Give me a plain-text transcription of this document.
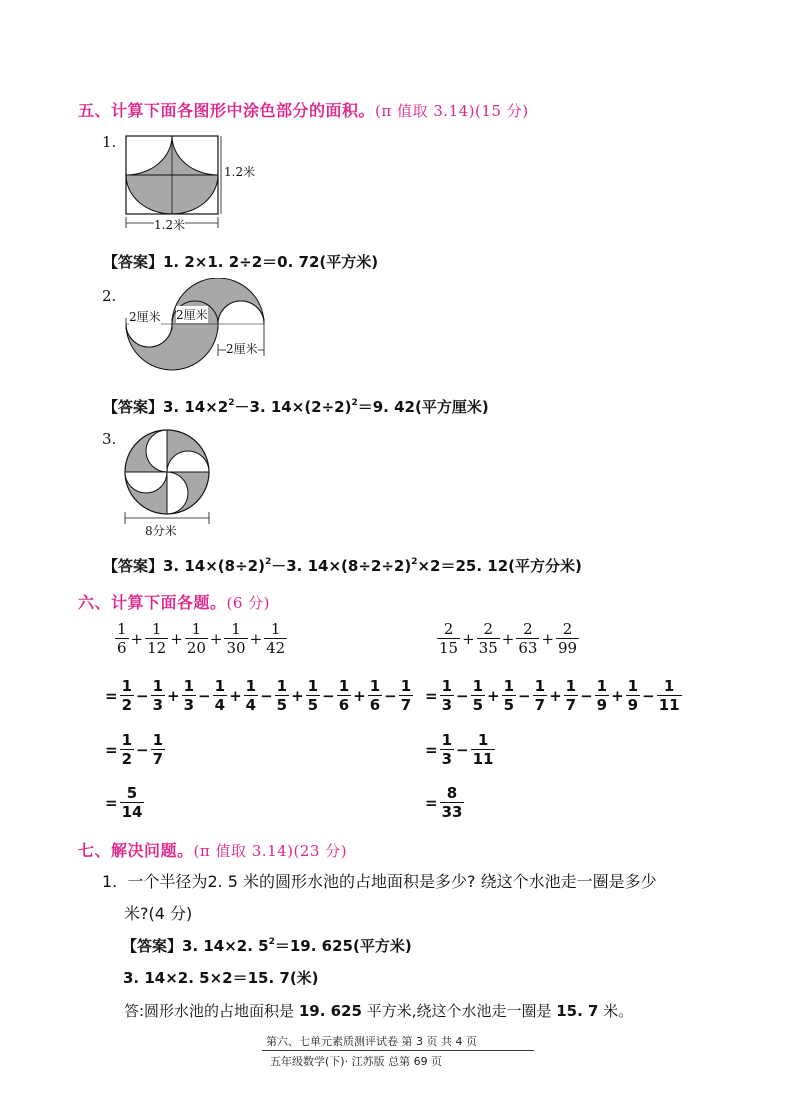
五、计算下面各图形中涂色部分的面积。(π 值取 3.14)(15 分)
1.
1.2米
1.2米
【答案】1. 2×1. 2÷2＝0. 72(平方米)
2.
2厘米 2厘米
2厘米
【答案】3. $14\times 2^2-3$. $14\times(2\div 2)^2=9$. 42(平方厘米)
3.
8分米
【答案】3. $14\times(8\div 2)^2-3$. $14\times(8\div 2\div 2)^2\times 2=25$. 12(平方分米)
六、计算下面各题。(6 分)
$\frac{1}{6} + \frac{1}{12} + \frac{1}{20} + \frac{1}{30} + \frac{1}{42}$
= $\frac{1}{2} - \frac{1}{3} + \frac{1}{3} - \frac{1}{4} + \frac{1}{4} - \frac{1}{5} + \frac{1}{5} - \frac{1}{6} + \frac{1}{6} - \frac{1}{7}$
= $\frac{1}{2} - \frac{1}{7}$
= $\frac{5}{14}$
$\frac{2}{15} + \frac{2}{35} + \frac{2}{63} + \frac{2}{99}$
= $\frac{1}{3} - \frac{1}{5} + \frac{1}{5} - \frac{1}{7} + \frac{1}{7} - \frac{1}{9} + \frac{1}{9} - \frac{1}{11}$
= $\frac{1}{3} - \frac{1}{11}$
= $\frac{8}{33}$
七、解决问题。(π 值取 3.14)(23 分)
1. 一个半径为2. 5 米的圆形水池的占地面积是多少? 绕这个水池走一圈是多少
米?(4 分)
【答案】3. 14×2. $5^2=19$. 625(平方米)
3. 14×2. 5×2＝15. 7(米)
答:圆形水池的占地面积是 19. 625 平方米,绕这个水池走一圈是 15. 7 米。
第六、七单元素质测评试卷 第 3 页 共 4 页
五年级数学(下)· 江苏版 总第 69 页
